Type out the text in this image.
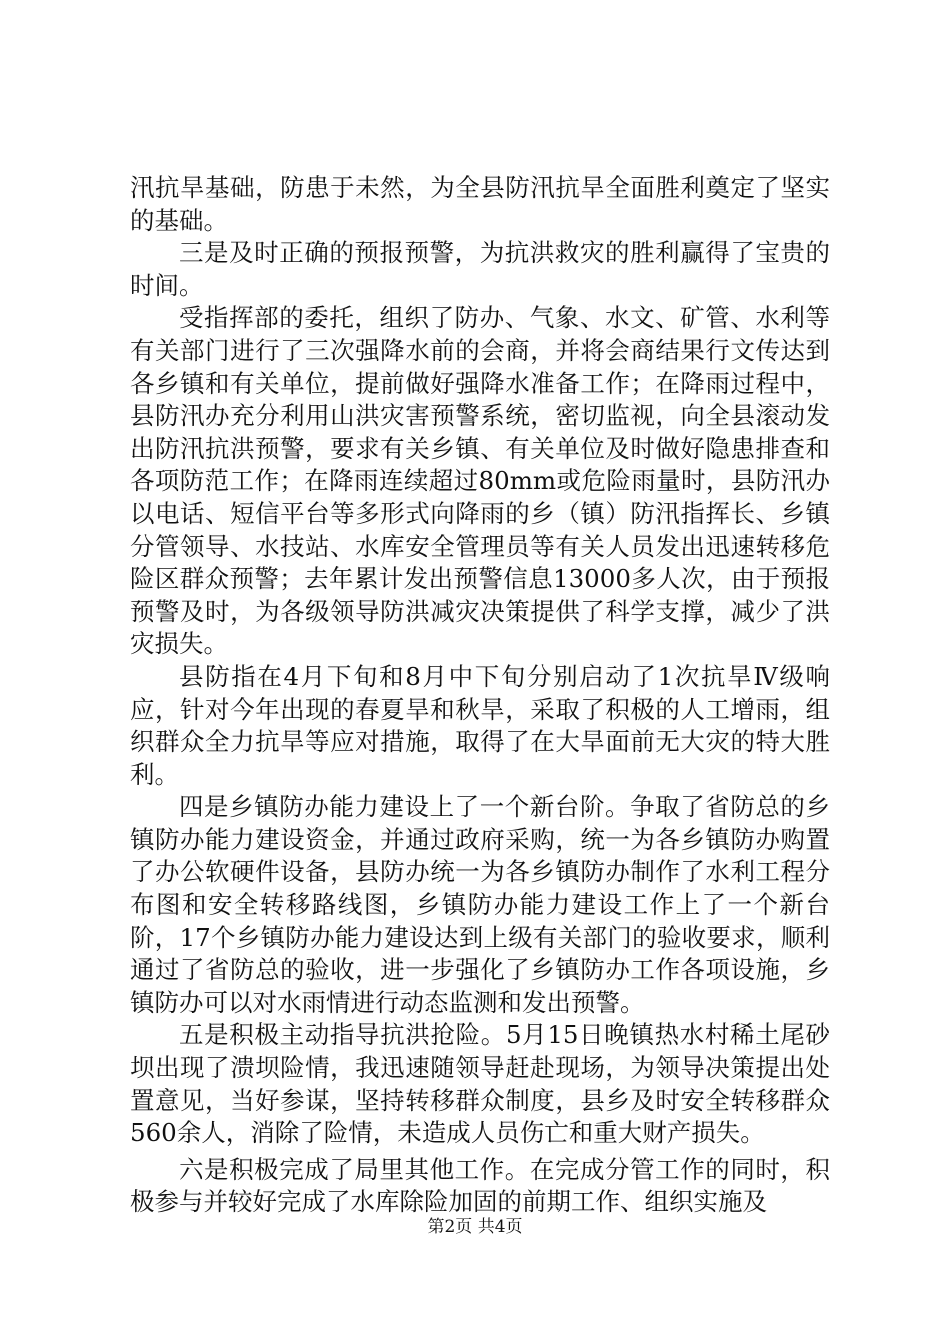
汛抗旱基础，防患于未然，为全县防汛抗旱全面胜利奠定了坚实的基础。

三是及时正确的预报预警，为抗洪救灾的胜利赢得了宝贵的时间。

受指挥部的委托，组织了防办、气象、水文、矿管、水利等有关部门进行了三次强降水前的会商，并将会商结果行文传达到各乡镇和有关单位，提前做好强降水准备工作；在降雨过程中，县防汛办充分利用山洪灾害预警系统，密切监视，向全县滚动发出防汛抗洪预警，要求有关乡镇、有关单位及时做好隐患排查和各项防范工作；在降雨连续超过80mm或危险雨量时，县防汛办以电话、短信平台等多形式向降雨的乡（镇）防汛指挥长、乡镇分管领导、水技站、水库安全管理员等有关人员发出迅速转移危险区群众预警；去年累计发出预警信息13000多人次，由于预报预警及时，为各级领导防洪减灾决策提供了科学支撑，减少了洪灾损失。

县防指在4月下旬和8月中下旬分别启动了1次抗旱Ⅳ级响应，针对今年出现的春夏旱和秋旱，采取了积极的人工增雨，组织群众全力抗旱等应对措施，取得了在大旱面前无大灾的特大胜利。

四是乡镇防办能力建设上了一个新台阶。争取了省防总的乡镇防办能力建设资金，并通过政府采购，统一为各乡镇防办购置了办公软硬件设备，县防办统一为各乡镇防办制作了水利工程分布图和安全转移路线图，乡镇防办能力建设工作上了一个新台阶，17个乡镇防办能力建设达到上级有关部门的验收要求，顺利通过了省防总的验收，进一步强化了乡镇防办工作各项设施，乡镇防办可以对水雨情进行动态监测和发出预警。

五是积极主动指导抗洪抢险。5月15日晚镇热水村稀土尾砂坝出现了溃坝险情，我迅速随领导赶赴现场，为领导决策提出处置意见，当好参谋，坚持转移群众制度，县乡及时安全转移群众560余人，消除了险情，未造成人员伤亡和重大财产损失。

六是积极完成了局里其他工作。在完成分管工作的同时，积极参与并较好完成了水库除险加固的前期工作、组织实施及

第2页 共4页
